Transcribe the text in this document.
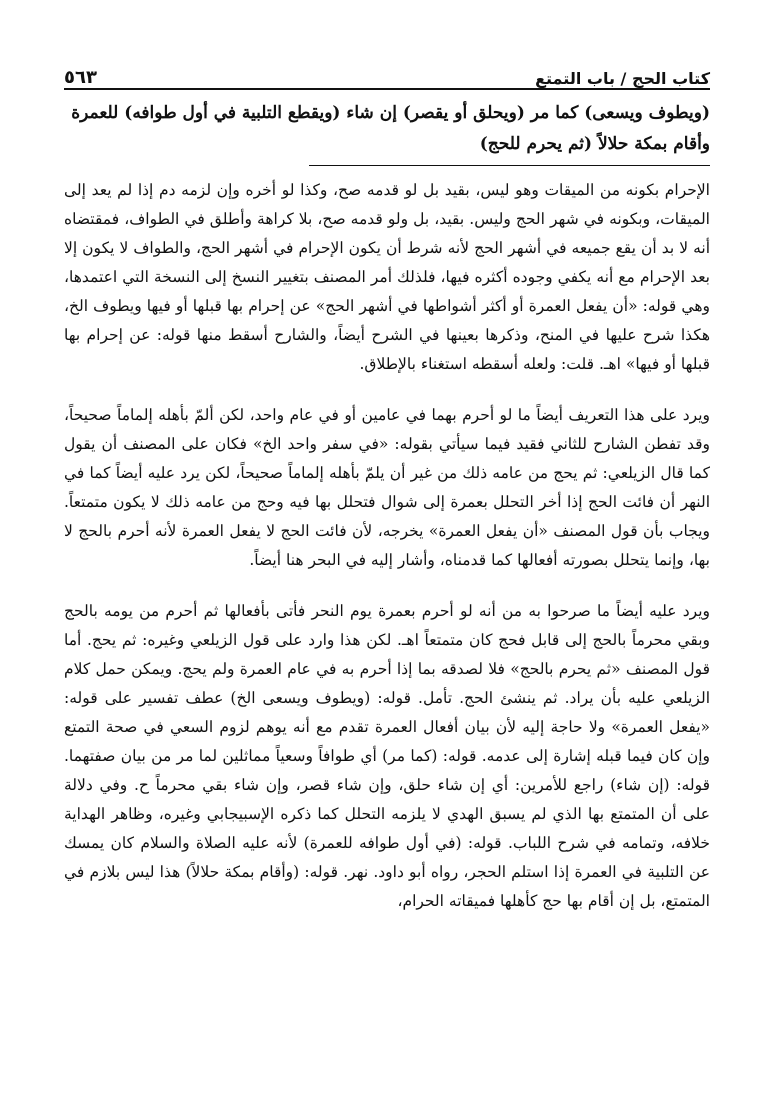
كتاب الحج / باب التمتع
٥٦٣
(ويطوف ويسعى) كما مر (ويحلق أو يقصر) إن شاء (ويقطع التلبية في أول طوافه) للعمرة
وأقام بمكة حلالاً (ثم يحرم للحج)

الإحرام بكونه من الميقات وهو ليس، بقيد بل لو قدمه صح، وكذا لو أخره وإن لزمه دم إذا لم يعد إلى الميقات، وبكونه في شهر الحج وليس. بقيد، بل ولو قدمه صح، بلا كراهة وأطلق في الطواف، فمقتضاه أنه لا بد أن يقع جميعه في أشهر الحج لأنه شرط أن يكون الإحرام في أشهر الحج، والطواف لا يكون إلا بعد الإحرام مع أنه يكفي وجوده أكثره فيها، فلذلك أمر المصنف بتغيير النسخ إلى النسخة التي اعتمدها، وهي قوله: «أن يفعل العمرة أو أكثر أشواطها في أشهر الحج» عن إحرام بها قبلها أو فيها ويطوف الخ، هكذا شرح عليها في المنح، وذكرها بعينها في الشرح أيضاً، والشارح أسقط منها قوله: عن إحرام بها قبلها أو فيها» اهـ. قلت: ولعله أسقطه استغناء بالإطلاق.

ويرد على هذا التعريف أيضاً ما لو أحرم بهما في عامين أو في عام واحد، لكن ألمّ بأهله إلماماً صحيحاً، وقد تفطن الشارح للثاني فقيد فيما سيأتي بقوله: «في سفر واحد الخ» فكان على المصنف أن يقول كما قال الزيلعي: ثم يحج من عامه ذلك من غير أن يلمّ بأهله إلماماً صحيحاً، لكن يرد عليه أيضاً كما في النهر أن فائت الحج إذا أخر التحلل بعمرة إلى شوال فتحلل بها فيه وحج من عامه ذلك لا يكون متمتعاً. ويجاب بأن قول المصنف «أن يفعل العمرة» يخرجه، لأن فائت الحج لا يفعل العمرة لأنه أحرم بالحج لا بها، وإنما يتحلل بصورته أفعالها كما قدمناه، وأشار إليه في البحر هنا أيضاً.

ويرد عليه أيضاً ما صرحوا به من أنه لو أحرم بعمرة يوم النحر فأتى بأفعالها ثم أحرم من يومه بالحج وبقي محرماً بالحج إلى قابل فحج كان متمتعاً اهـ. لكن هذا وارد على قول الزيلعي وغيره: ثم يحج. أما قول المصنف «ثم يحرم بالحج» فلا لصدقه بما إذا أحرم به في عام العمرة ولم يحج. ويمكن حمل كلام الزيلعي عليه بأن يراد. ثم ينشئ الحج. تأمل. قوله: (ويطوف ويسعى الخ) عطف تفسير على قوله: «يفعل العمرة» ولا حاجة إليه لأن بيان أفعال العمرة تقدم مع أنه يوهم لزوم السعي في صحة التمتع وإن كان فيما قبله إشارة إلى عدمه. قوله: (كما مر) أي طوافاً وسعياً مماثلين لما مر من بيان صفتهما. قوله: (إن شاء) راجع للأمرين: أي إن شاء حلق، وإن شاء قصر، وإن شاء بقي محرماً ح. وفي دلالة على أن المتمتع بها الذي لم يسبق الهدي لا يلزمه التحلل كما ذكره الإسبيجابي وغيره، وظاهر الهداية خلافه، وتمامه في شرح اللباب. قوله: (في أول طوافه للعمرة) لأنه عليه الصلاة والسلام كان يمسك عن التلبية في العمرة إذا استلم الحجر، رواه أبو داود. نهر. قوله: (وأقام بمكة حلالاً) هذا ليس بلازم في المتمتع، بل إن أقام بها حج كأهلها فميقاته الحرام،
